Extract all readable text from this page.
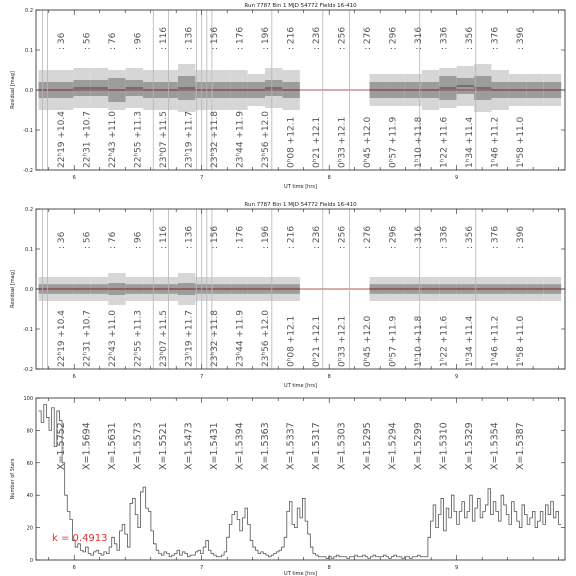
: 36
22ʰ19 +10.4
: 56
22ʰ31 +10.7
: 76
22ʰ43 +11.0
: 96
22ʰ55 +11.3
: 116
23ʰ07 +11.5
: 136
23ʰ19 +11.7
: 156
23ʰ32 +11.8
: 176
23ʰ44 +11.9
: 196
23ʰ56 +12.0
: 216
0ʰ08 +12.1
: 236
0ʰ21 +12.1
: 256
0ʰ33 +12.1
: 276
0ʰ45 +12.0
: 296
0ʰ57 +11.9
: 316
1ʰ10 +11.8
: 336
1ʰ22 +11.6
: 356
1ʰ34 +11.4
: 376
1ʰ46 +11.2
: 396
1ʰ58 +11.0
-0.2
-0.1
0.0
0.1
0.2
6	7	8	9
Run 7787 Bin 1 MJD 54772 Fields 16-410
UT time [hrs]
Residual [mag]
: 36
22ʰ19 +10.4
: 56
22ʰ31 +10.7
: 76
22ʰ43 +11.0
: 96
22ʰ55 +11.3
: 116
23ʰ07 +11.5
: 136
23ʰ19 +11.7
: 156
23ʰ32 +11.8
: 176
23ʰ44 +11.9
: 196
23ʰ56 +12.0
: 216
0ʰ08 +12.1
: 236
0ʰ21 +12.1
: 256
0ʰ33 +12.1
: 276
0ʰ45 +12.0
: 296
0ʰ57 +11.9
: 316
1ʰ10 +11.8
: 336
1ʰ22 +11.6
: 356
1ʰ34 +11.4
: 376
1ʰ46 +11.2
: 396
1ʰ58 +11.0
-0.2
-0.1
0.0
0.1
0.2
6	7	8	9
Run 7787 Bin 1 MJD 54772 Fields 16-410
UT time [hrs]
Residual [mag]
X=1.5752 X=1.5694 X=1.5631 X=1.5573 X=1.5521 X=1.5473 X=1.5431 X=1.5394 X=1.5363 X=1.5337 X=1.5317 X=1.5303 X=1.5295 X=1.5294 X=1.5299 X=1.5310 X=1.5329 X=1.5354 X=1.5387
k = 0.4913
0
20
40
60
80
100
6	7	8	9
UT time [hrs]
Number of Stars
